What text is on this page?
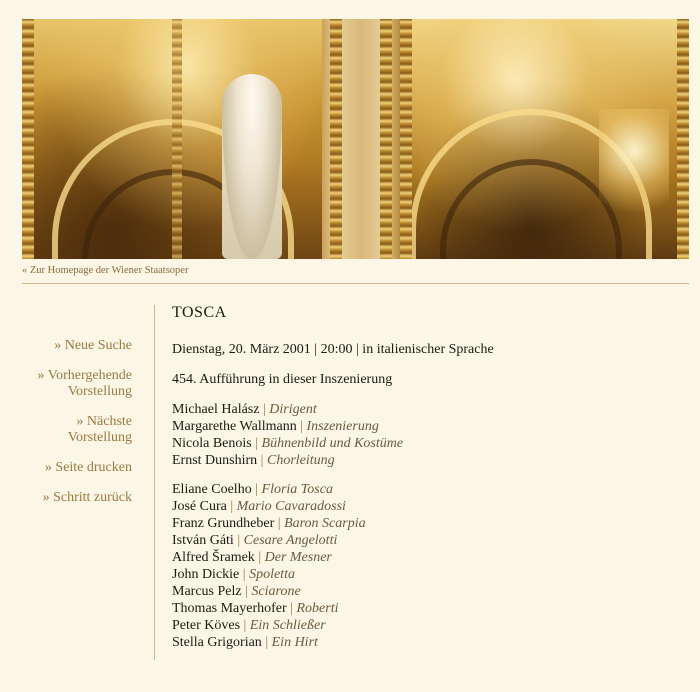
« Zur Homepage der Wiener Staatsoper
» Neue Suche
» Vorhergehende Vorstellung
» Nächste Vorstellung
» Seite drucken
» Schritt zurück
TOSCA
Dienstag, 20. März 2001 | 20:00 | in italienischer Sprache
454. Aufführung in dieser Inszenierung
Michael Halász | Dirigent
Margarethe Wallmann | Inszenierung
Nicola Benois | Bühnenbild und Kostüme
Ernst Dunshirn | Chorleitung
Eliane Coelho | Floria Tosca
José Cura | Mario Cavaradossi
Franz Grundheber | Baron Scarpia
István Gáti | Cesare Angelotti
Alfred Šramek | Der Mesner
John Dickie | Spoletta
Marcus Pelz | Sciarone
Thomas Mayerhofer | Roberti
Peter Köves | Ein Schließer
Stella Grigorian | Ein Hirt
